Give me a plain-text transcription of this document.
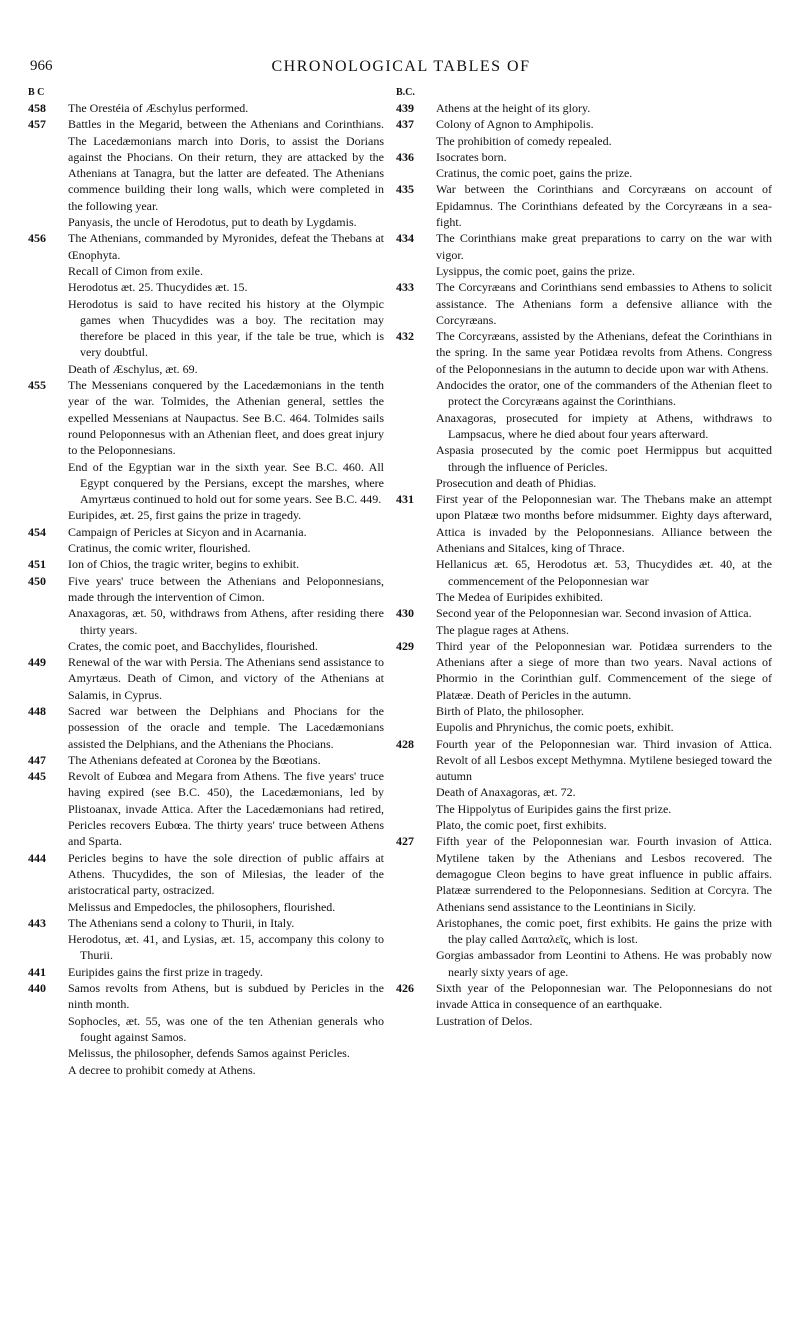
966	CHRONOLOGICAL TABLES OF
B C
458 The Orestéia of Æschylus performed.
457 Battles in the Megarid, between the Athenians and Corinthians. The Lacedæmonians march into Doris, to assist the Dorians against the Phocians. On their return, they are attacked by the Athenians at Tanagra, but the latter are defeated. The Athenians commence building their long walls, which were completed in the following year.

Panyasis, the uncle of Herodotus, put to death by Lygdamis.

456 The Athenians, commanded by Myronides, defeat the Thebans at Œnophyta.

Recall of Cimon from exile.

Herodotus æt. 25. Thucydides æt. 15.

Herodotus is said to have recited his history at the Olympic games when Thucydides was a boy. The recitation may therefore be placed in this year, if the tale be true, which is very doubtful.

Death of Æschylus, æt. 69.

455 The Messenians conquered by the Lacedæmonians in the tenth year of the war. Tolmides, the Athenian general, settles the expelled Messenians at Naupactus. See B.C. 464. Tolmides sails round Peloponnesus with an Athenian fleet, and does great injury to the Peloponnesians.

End of the Egyptian war in the sixth year. See B.C. 460. All Egypt conquered by the Persians, except the marshes, where Amyrtæus continued to hold out for some years. See B.C. 449.

Euripides, æt. 25, first gains the prize in tragedy.

454 Campaign of Pericles at Sicyon and in Acarnania.

Cratinus, the comic writer, flourished.

451 Ion of Chios, the tragic writer, begins to exhibit.
450 Five years' truce between the Athenians and Peloponnesians, made through the intervention of Cimon.

Anaxagoras, æt. 50, withdraws from Athens, after residing there thirty years.

Crates, the comic poet, and Bacchylides, flourished.

449 Renewal of the war with Persia. The Athenians send assistance to Amyrtæus. Death of Cimon, and victory of the Athenians at Salamis, in Cyprus.
448 Sacred war between the Delphians and Phocians for the possession of the oracle and temple. The Lacedæmonians assisted the Delphians, and the Athenians the Phocians.
447 The Athenians defeated at Coronea by the Bœotians.
445 Revolt of Eubœa and Megara from Athens. The five years' truce having expired (see B.C. 450), the Lacedæmonians, led by Plistoanax, invade Attica. After the Lacedæmonians had retired, Pericles recovers Eubœa. The thirty years' truce between Athens and Sparta.
444 Pericles begins to have the sole direction of public affairs at Athens. Thucydides, the son of Milesias, the leader of the aristocratical party, ostracized.

Melissus and Empedocles, the philosophers, flourished.

443 The Athenians send a colony to Thurii, in Italy.

Herodotus, æt. 41, and Lysias, æt. 15, accompany this colony to Thurii.

441 Euripides gains the first prize in tragedy.
440 Samos revolts from Athens, but is subdued by Pericles in the ninth month.

Sophocles, æt. 55, was one of the ten Athenian generals who fought against Samos.

Melissus, the philosopher, defends Samos against Pericles.

A decree to prohibit comedy at Athens.

B.C.
439 Athens at the height of its glory.
437 Colony of Agnon to Amphipolis.

The prohibition of comedy repealed.

436 Isocrates born.

Cratinus, the comic poet, gains the prize.

435 War between the Corinthians and Corcyræans on account of Epidamnus. The Corinthians defeated by the Corcyræans in a sea-fight.
434 The Corinthians make great preparations to carry on the war with vigor.

Lysippus, the comic poet, gains the prize.

433 The Corcyræans and Corinthians send embassies to Athens to solicit assistance. The Athenians form a defensive alliance with the Corcyræans.
432 The Corcyræans, assisted by the Athenians, defeat the Corinthians in the spring. In the same year Potidæa revolts from Athens. Congress of the Peloponnesians in the autumn to decide upon war with Athens.

Andocides the orator, one of the commanders of the Athenian fleet to protect the Corcyræans against the Corinthians.

Anaxagoras, prosecuted for impiety at Athens, withdraws to Lampsacus, where he died about four years afterward.

Aspasia prosecuted by the comic poet Hermippus but acquitted through the influence of Pericles.

Prosecution and death of Phidias.

431 First year of the Peloponnesian war. The Thebans make an attempt upon Platææ two months before midsummer. Eighty days afterward, Attica is invaded by the Peloponnesians. Alliance between the Athenians and Sitalces, king of Thrace.

Hellanicus æt. 65, Herodotus æt. 53, Thucydides æt. 40, at the commencement of the Peloponnesian war

The Medea of Euripides exhibited.

430 Second year of the Peloponnesian war. Second invasion of Attica.

The plague rages at Athens.

429 Third year of the Peloponnesian war. Potidæa surrenders to the Athenians after a siege of more than two years. Naval actions of Phormio in the Corinthian gulf. Commencement of the siege of Platææ. Death of Pericles in the autumn.

Birth of Plato, the philosopher.

Eupolis and Phrynichus, the comic poets, exhibit.

428 Fourth year of the Peloponnesian war. Third invasion of Attica. Revolt of all Lesbos except Methymna. Mytilene besieged toward the autumn

Death of Anaxagoras, æt. 72.

The Hippolytus of Euripides gains the first prize.

Plato, the comic poet, first exhibits.

427 Fifth year of the Peloponnesian war. Fourth invasion of Attica. Mytilene taken by the Athenians and Lesbos recovered. The demagogue Cleon begins to have great influence in public affairs. Platææ surrendered to the Peloponnesians. Sedition at Corcyra. The Athenians send assistance to the Leontinians in Sicily.

Aristophanes, the comic poet, first exhibits. He gains the prize with the play called Δαιταλεῖς, which is lost.

Gorgias ambassador from Leontini to Athens. He was probably now nearly sixty years of age.

426 Sixth year of the Peloponnesian war. The Peloponnesians do not invade Attica in consequence of an earthquake.

Lustration of Delos.
